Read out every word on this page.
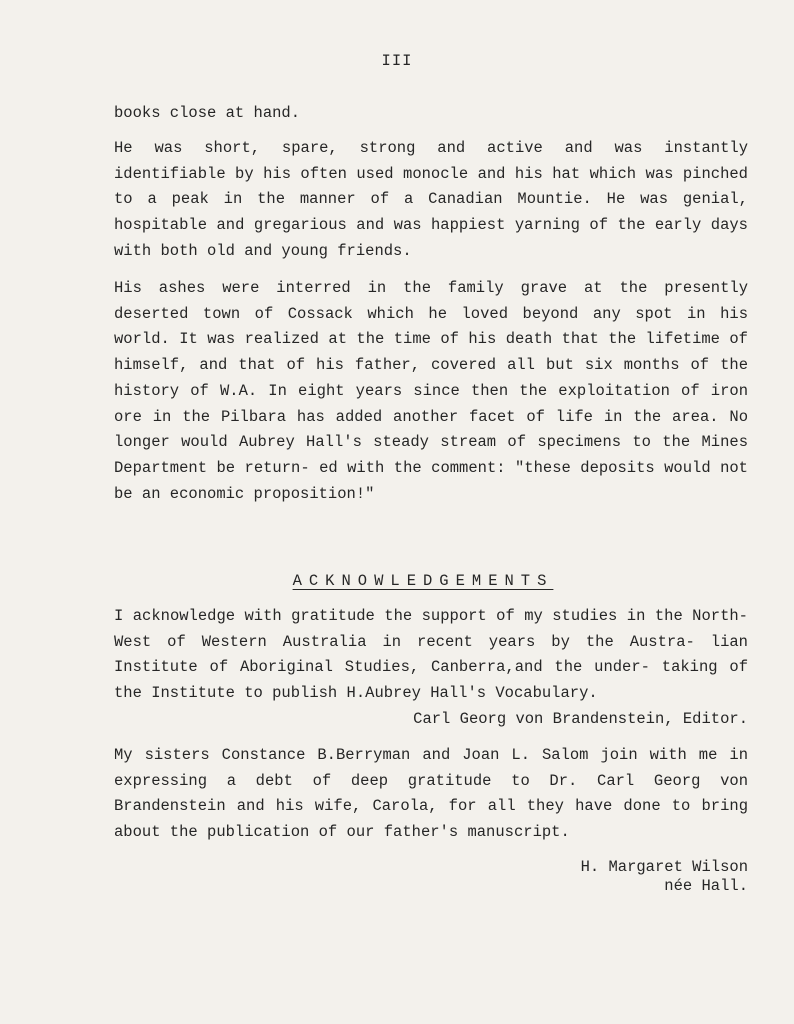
III

books close at hand.

He was short, spare, strong and active and was instantly identifiable by his often used monocle and his hat which was pinched to a peak in the manner of a Canadian Mountie. He was genial, hospitable and gregarious and was happiest yarning of the early days with both old and young friends.

His ashes were interred in the family grave at the presently deserted town of Cossack which he loved beyond any spot in his world. It was realized at the time of his death that the lifetime of himself, and that of his father, covered all but six months of the history of W.A. In eight years since then the exploitation of iron ore in the Pilbara has added another facet of life in the area. No longer would Aubrey Hall's steady stream of specimens to the Mines Department be return- ed with the comment: "these deposits would not be an economic proposition!"

ACKNOWLEDGEMENTS

I acknowledge with gratitude the support of my studies in the North-West of Western Australia in recent years by the Austra- lian Institute of Aboriginal Studies, Canberra,and the under- taking of the Institute to publish H.Aubrey Hall's Vocabulary.

Carl Georg von Brandenstein, Editor.

My sisters Constance B.Berryman and Joan L. Salom join with me in expressing a debt of deep gratitude to Dr. Carl Georg von Brandenstein and his wife, Carola, for all they have done to bring about the publication of our father's manuscript.

H. Margaret Wilson
née Hall.
